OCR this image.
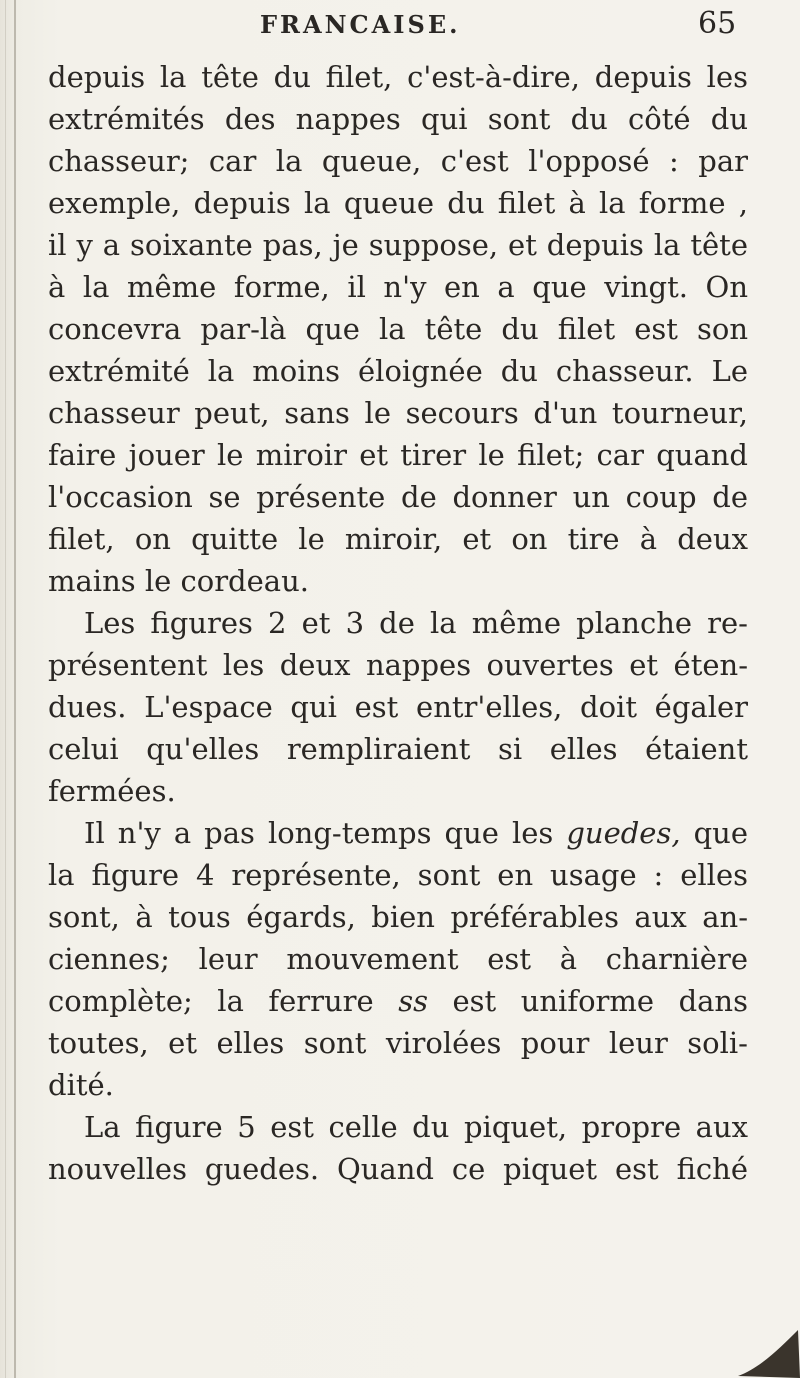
FRANCAISE.	65
depuis la tête du filet, c'est-à-dire, depuis les
extrémités des nappes qui sont du côté du
chasseur; car la queue, c'est l'opposé : par
exemple, depuis la queue du filet à la forme ,
il y a soixante pas, je suppose, et depuis la tête
à la même forme, il n'y en a que vingt. On
concevra par-là que la tête du filet est son
extrémité la moins éloignée du chasseur. Le
chasseur peut, sans le secours d'un tourneur,
faire jouer le miroir et tirer le filet; car quand
l'occasion se présente de donner un coup de
filet, on quitte le miroir, et on tire à deux
mains le cordeau.
Les figures 2 et 3 de la même planche re-
présentent les deux nappes ouvertes et éten-
dues. L'espace qui est entr'elles, doit égaler
celui qu'elles rempliraient si elles étaient
fermées.
Il n'y a pas long-temps que les guedes, que
la figure 4 représente, sont en usage : elles
sont, à tous égards, bien préférables aux an-
ciennes; leur mouvement est à charnière
complète; la ferrure ss est uniforme dans
toutes, et elles sont virolées pour leur soli-
dité.
La figure 5 est celle du piquet, propre aux
nouvelles guedes. Quand ce piquet est fiché
